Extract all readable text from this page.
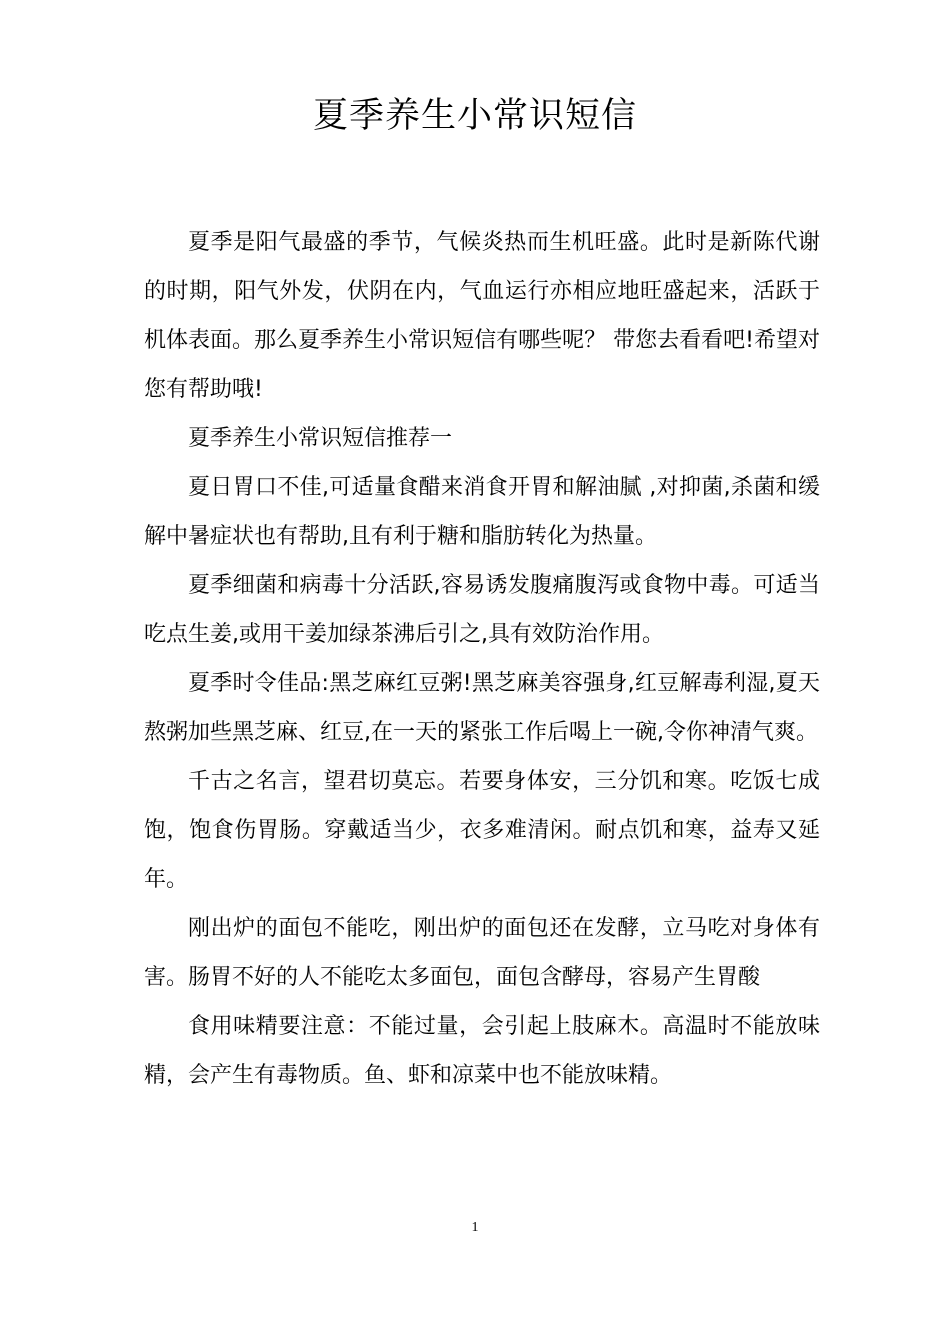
夏季养生小常识短信

夏季是阳气最盛的季节，气候炎热而生机旺盛。此时是新陈代谢的时期，阳气外发，伏阴在内，气血运行亦相应地旺盛起来，活跃于机体表面。那么夏季养生小常识短信有哪些呢？ 带您去看看吧!希望对您有帮助哦!

夏季养生小常识短信推荐一

夏日胃口不佳,可适量食醋来消食开胃和解油腻 ,对抑菌,杀菌和缓解中暑症状也有帮助,且有利于糖和脂肪转化为热量。

夏季细菌和病毒十分活跃,容易诱发腹痛腹泻或食物中毒。可适当吃点生姜,或用干姜加绿茶沸后引之,具有效防治作用。

夏季时令佳品:黑芝麻红豆粥!黑芝麻美容强身,红豆解毒利湿,夏天熬粥加些黑芝麻、红豆,在一天的紧张工作后喝上一碗,令你神清气爽。

千古之名言，望君切莫忘。若要身体安，三分饥和寒。吃饭七成饱，饱食伤胃肠。穿戴适当少，衣多难清闲。耐点饥和寒，益寿又延年。

刚出炉的面包不能吃，刚出炉的面包还在发酵，立马吃对身体有害。肠胃不好的人不能吃太多面包，面包含酵母，容易产生胃酸

食用味精要注意：不能过量，会引起上肢麻木。高温时不能放味精，会产生有毒物质。鱼、虾和凉菜中也不能放味精。

1
